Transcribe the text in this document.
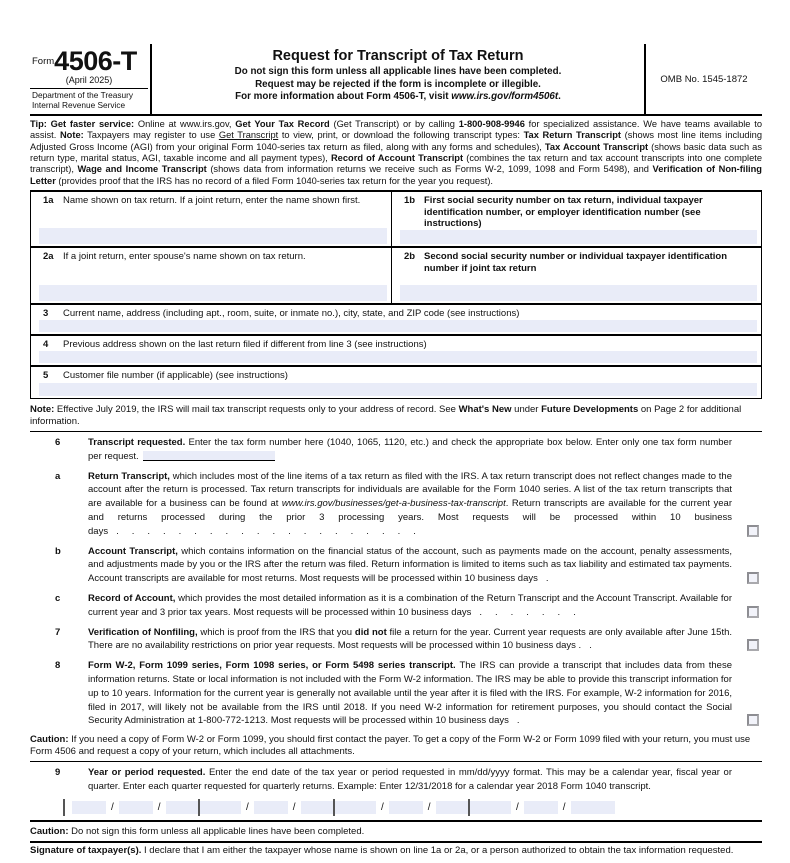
Form4506-T
(April 2025)
Department of the Treasury
Internal Revenue Service
Request for Transcript of Tax Return
Do not sign this form unless all applicable lines have been completed.
Request may be rejected if the form is incomplete or illegible.
For more information about Form 4506-T, visit www.irs.gov/form4506t.
OMB No. 1545-1872
Tip: Get faster service: Online at www.irs.gov, Get Your Tax Record (Get Transcript) or by calling 1-800-908-9946 for specialized assistance. We have teams available to assist. Note: Taxpayers may register to use Get Transcript to view, print, or download the following transcript types: Tax Return Transcript (shows most line items including Adjusted Gross Income (AGI) from your original Form 1040-series tax return as filed, along with any forms and schedules), Tax Account Transcript (shows basic data such as return type, marital status, AGI, taxable income and all payment types), Record of Account Transcript (combines the tax return and tax account transcripts into one complete transcript), Wage and Income Transcript (shows data from information returns we receive such as Forms W-2, 1099, 1098 and Form 5498), and Verification of Non-filing Letter (provides proof that the IRS has no record of a filed Form 1040-series tax return for the year you request).
1a Name shown on tax return. If a joint return, enter the name shown first.	1b First social security number on tax return, individual taxpayer identification number, or employer identification number (see instructions)
2a If a joint return, enter spouse's name shown on tax return.	2b Second social security number or individual taxpayer identification number if joint tax return
3	Current name, address (including apt., room, suite, or inmate no.), city, state, and ZIP code (see instructions)
4	Previous address shown on the last return filed if different from line 3 (see instructions)
5	Customer file number (if applicable) (see instructions)
Note: Effective July 2019, the IRS will mail tax transcript requests only to your address of record. See What's New under Future Developments on Page 2 for additional information.
6	Transcript requested. Enter the tax form number here (1040, 1065, 1120, etc.) and check the appropriate box below. Enter only one tax form number per request.
a	Return Transcript, which includes most of the line items of a tax return as filed with the IRS. A tax return transcript does not reflect changes made to the account after the return is processed. Tax return transcripts for individuals are available for the Form 1040 series. A list of the tax return transcripts that are available for a business can be found at www.irs.gov/businesses/get-a-business-tax-transcript. Return transcripts are available for the current year and returns processed during the prior 3 processing years. Most requests will be processed within 10 business days ....................
b	Account Transcript, which contains information on the financial status of the account, such as payments made on the account, penalty assessments, and adjustments made by you or the IRS after the return was filed. Return information is limited to items such as tax liability and estimated tax payments. Account transcripts are available for most returns. Most requests will be processed within 10 business days .
c	Record of Account, which provides the most detailed information as it is a combination of the Return Transcript and the Account Transcript. Available for current year and 3 prior tax years. Most requests will be processed within 10 business days .......
7	Verification of Nonfiling, which is proof from the IRS that you did not file a return for the year. Current year requests are only available after June 15th. There are no availability restrictions on prior year requests. Most requests will be processed within 10 business days . .
8	Form W-2, Form 1099 series, Form 1098 series, or Form 5498 series transcript. The IRS can provide a transcript that includes data from these information returns. State or local information is not included with the Form W-2 information. The IRS may be able to provide this transcript information for up to 10 years. Information for the current year is generally not available until the year after it is filed with the IRS. For example, W-2 information for 2016, filed in 2017, will likely not be available from the IRS until 2018. If you need W-2 information for retirement purposes, you should contact the Social Security Administration at 1-800-772-1213. Most requests will be processed within 10 business days .
Caution: If you need a copy of Form W-2 or Form 1099, you should first contact the payer. To get a copy of the Form W-2 or Form 1099 filed with your return, you must use Form 4506 and request a copy of your return, which includes all attachments.
9	Year or period requested. Enter the end date of the tax year or period requested in mm/dd/yyyy format. This may be a calendar year, fiscal year or quarter. Enter each quarter requested for quarterly returns. Example: Enter 12/31/2018 for a calendar year 2018 Form 1040 transcript.
/	/	/	/	/	/	/	/
Caution: Do not sign this form unless all applicable lines have been completed.
Signature of taxpayer(s). I declare that I am either the taxpayer whose name is shown on line 1a or 2a, or a person authorized to obtain the tax information requested.
